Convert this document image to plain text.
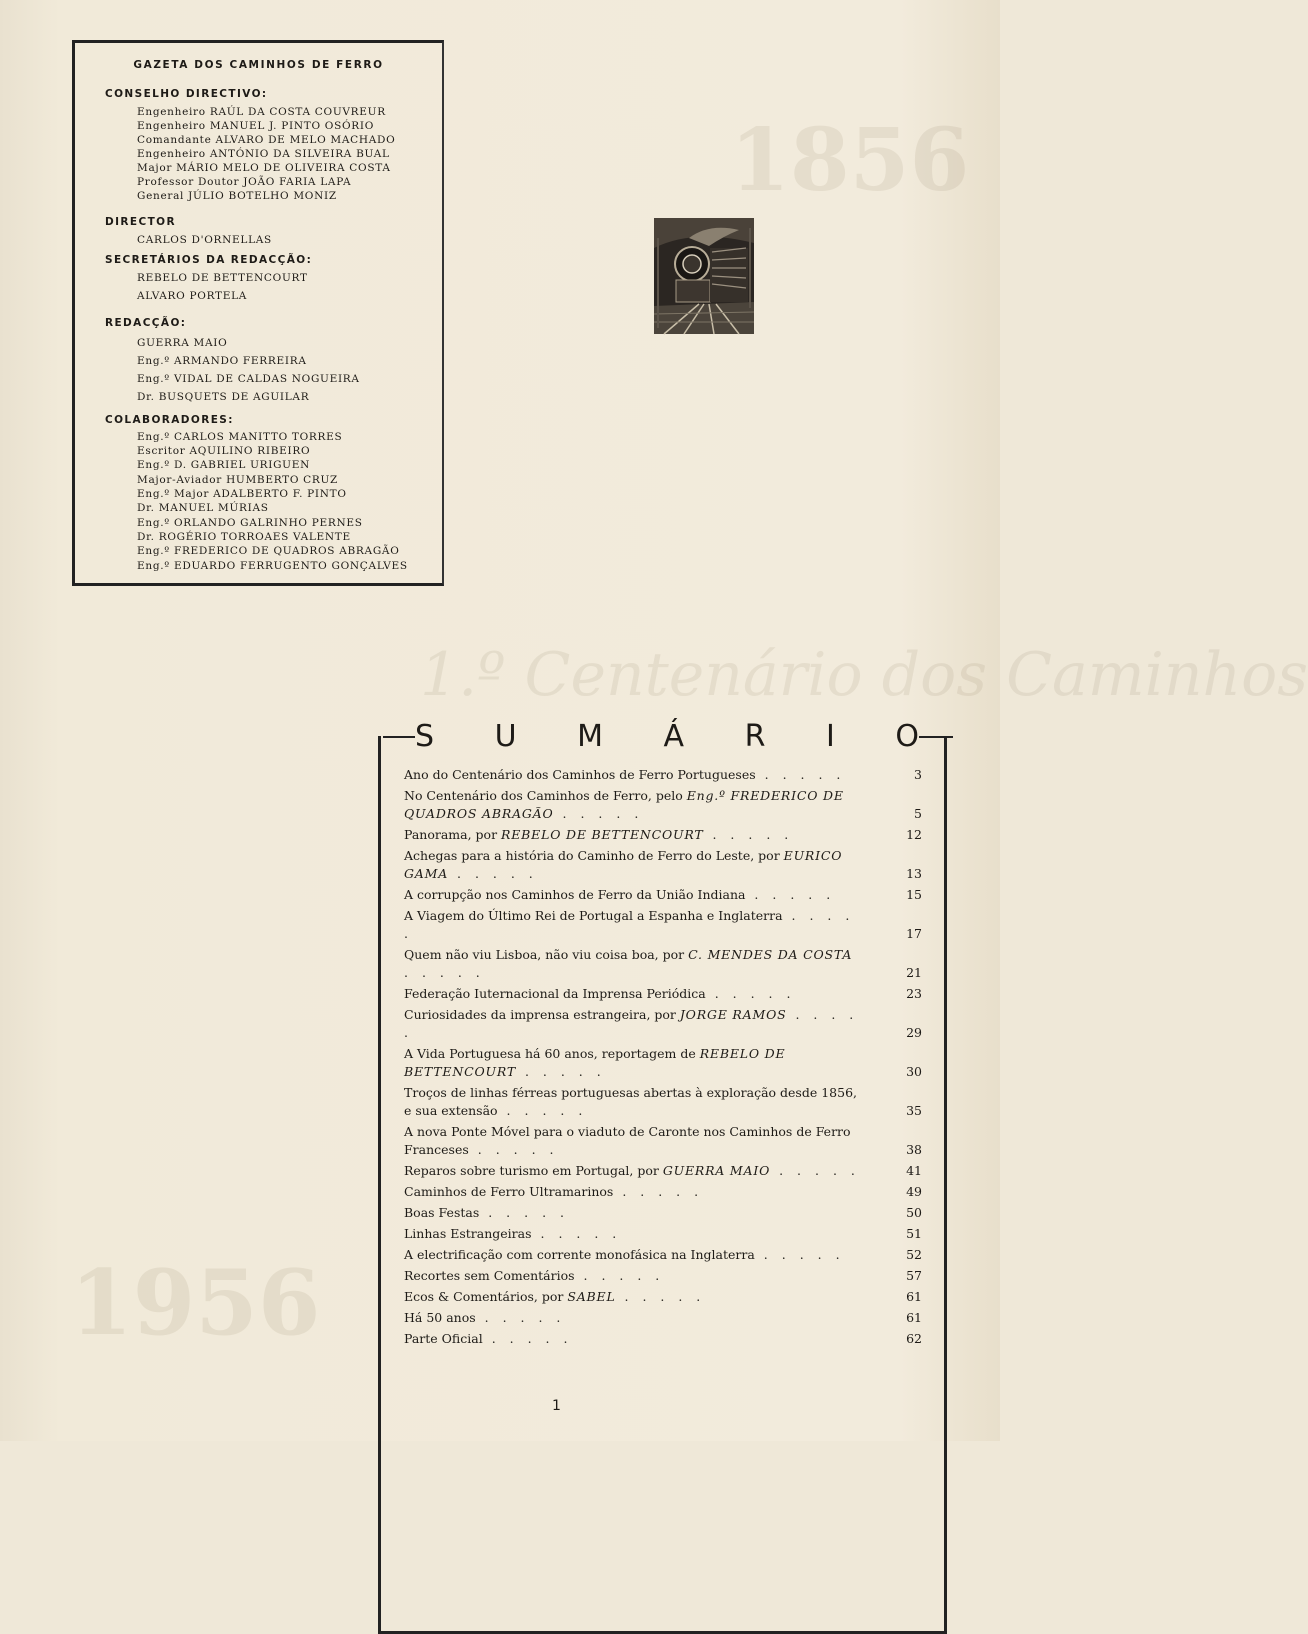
1856
1.º Centenário dos Caminhos
1956
GAZETA DOS CAMINHOS DE FERRO
CONSELHO DIRECTIVO:
Engenheiro RAÚL DA COSTA COUVREUR
Engenheiro MANUEL J. PINTO OSÓRIO
Comandante ALVARO DE MELO MACHADO
Engenheiro ANTÓNIO DA SILVEIRA BUAL
Major MÁRIO MELO DE OLIVEIRA COSTA
Professor Doutor JOÃO FARIA LAPA
General JÚLIO BOTELHO MONIZ
DIRECTOR
CARLOS D'ORNELLAS
SECRETÁRIOS DA REDACÇÃO:
REBELO DE BETTENCOURT
ALVARO PORTELA
REDACÇÃO:
GUERRA MAIO
Eng.º ARMANDO FERREIRA
Eng.º VIDAL DE CALDAS NOGUEIRA
Dr. BUSQUETS DE AGUILAR
COLABORADORES:
Eng.º CARLOS MANITTO TORRES
Escritor AQUILINO RIBEIRO
Eng.º D. GABRIEL URIGUEN
Major-Aviador HUMBERTO CRUZ
Eng.º Major ADALBERTO F. PINTO
Dr. MANUEL MÚRIAS
Eng.º ORLANDO GALRINHO PERNES
Dr. ROGÉRIO TORROAES VALENTE
Eng.º FREDERICO DE QUADROS ABRAGÃO
Eng.º EDUARDO FERRUGENTO GONÇALVES
S U M Á R I O
Ano do Centenário dos Caminhos de Ferro Portugueses . . . . .	3
No Centenário dos Caminhos de Ferro, pelo Eng.º FREDERICO DE QUADROS ABRAGÃO . . . . .	5
Panorama, por REBELO DE BETTENCOURT . . . . .	12
Achegas para a história do Caminho de Ferro do Leste, por EURICO GAMA . . . . .	13
A corrupção nos Caminhos de Ferro da União Indiana . . . . .	15
A Viagem do Último Rei de Portugal a Espanha e Inglaterra . . . . .	17
Quem não viu Lisboa, não viu coisa boa, por C. MENDES DA COSTA . . . . .	21
Federação Iuternacional da Imprensa Periódica . . . . .	23
Curiosidades da imprensa estrangeira, por JORGE RAMOS . . . . .	29
A Vida Portuguesa há 60 anos, reportagem de REBELO DE BETTENCOURT . . . . .	30
Troços de linhas férreas portuguesas abertas à exploração desde 1856, e sua extensão . . . . .	35
A nova Ponte Móvel para o viaduto de Caronte nos Caminhos de Ferro Franceses . . . . .	38
Reparos sobre turismo em Portugal, por GUERRA MAIO . . . . .	41
Caminhos de Ferro Ultramarinos . . . . .	49
Boas Festas . . . . .	50
Linhas Estrangeiras . . . . .	51
A electrificação com corrente monofásica na Inglaterra . . . . .	52
Recortes sem Comentários . . . . .	57
Ecos & Comentários, por SABEL . . . . .	61
Há 50 anos . . . . .	61
Parte Oficial . . . . .	62
1
